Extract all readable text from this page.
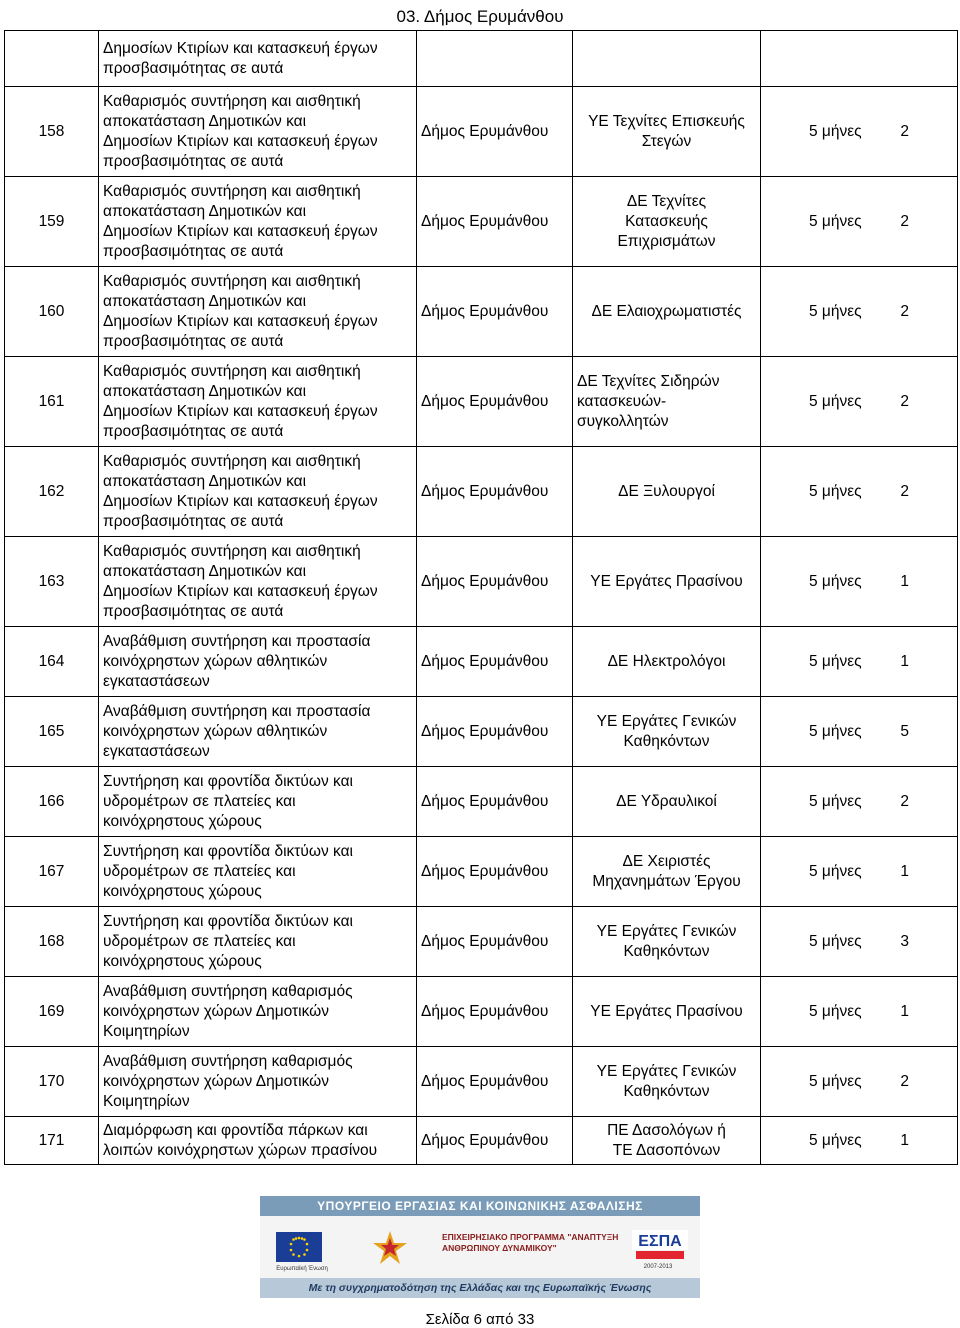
03. Δήμος Ερυμάνθου

	Δημοσίων Κτιρίων και κατασκευή έργων
προσβασιμότητας σε αυτά			

158	Καθαρισμός συντήρηση και αισθητική
αποκατάσταση Δημοτικών και
Δημοσίων Κτιρίων και κατασκευή έργων
προσβασιμότητας σε αυτά	Δήμος Ερυμάνθου	ΥΕ Τεχνίτες Επισκευής
Στεγών	5 μήνες 2
159	Καθαρισμός συντήρηση και αισθητική
αποκατάσταση Δημοτικών και
Δημοσίων Κτιρίων και κατασκευή έργων
προσβασιμότητας σε αυτά	Δήμος Ερυμάνθου	ΔΕ Τεχνίτες
Κατασκευής
Επιχρισμάτων	5 μήνες 2
160	Καθαρισμός συντήρηση και αισθητική
αποκατάσταση Δημοτικών και
Δημοσίων Κτιρίων και κατασκευή έργων
προσβασιμότητας σε αυτά	Δήμος Ερυμάνθου	ΔΕ Ελαιοχρωματιστές	5 μήνες 2
161	Καθαρισμός συντήρηση και αισθητική
αποκατάσταση Δημοτικών και
Δημοσίων Κτιρίων και κατασκευή έργων
προσβασιμότητας σε αυτά	Δήμος Ερυμάνθου	ΔΕ Τεχνίτες Σιδηρών
κατασκευών-
συγκολλητών	5 μήνες 2
162	Καθαρισμός συντήρηση και αισθητική
αποκατάσταση Δημοτικών και
Δημοσίων Κτιρίων και κατασκευή έργων
προσβασιμότητας σε αυτά	Δήμος Ερυμάνθου	ΔΕ Ξυλουργοί	5 μήνες 2
163	Καθαρισμός συντήρηση και αισθητική
αποκατάσταση Δημοτικών και
Δημοσίων Κτιρίων και κατασκευή έργων
προσβασιμότητας σε αυτά	Δήμος Ερυμάνθου	ΥΕ Εργάτες Πρασίνου	5 μήνες 1
164	Αναβάθμιση συντήρηση και προστασία
κοινόχρηστων χώρων αθλητικών
εγκαταστάσεων	Δήμος Ερυμάνθου	ΔΕ Ηλεκτρολόγοι	5 μήνες 1
165	Αναβάθμιση συντήρηση και προστασία
κοινόχρηστων χώρων αθλητικών
εγκαταστάσεων	Δήμος Ερυμάνθου	ΥΕ Εργάτες Γενικών
Καθηκόντων	5 μήνες 5
166	Συντήρηση και φροντίδα δικτύων και
υδρομέτρων σε πλατείες και
κοινόχρηστους χώρους	Δήμος Ερυμάνθου	ΔΕ Υδραυλικοί	5 μήνες 2
167	Συντήρηση και φροντίδα δικτύων και
υδρομέτρων σε πλατείες και
κοινόχρηστους χώρους	Δήμος Ερυμάνθου	ΔΕ Χειριστές
Μηχανημάτων Έργου	5 μήνες 1
168	Συντήρηση και φροντίδα δικτύων και
υδρομέτρων σε πλατείες και
κοινόχρηστους χώρους	Δήμος Ερυμάνθου	ΥΕ Εργάτες Γενικών
Καθηκόντων	5 μήνες 3
169	Αναβάθμιση συντήρηση καθαρισμός
κοινόχρηστων χώρων Δημοτικών
Κοιμητηρίων	Δήμος Ερυμάνθου	ΥΕ Εργάτες Πρασίνου	5 μήνες 1
170	Αναβάθμιση συντήρηση καθαρισμός
κοινόχρηστων χώρων Δημοτικών
Κοιμητηρίων	Δήμος Ερυμάνθου	ΥΕ Εργάτες Γενικών
Καθηκόντων	5 μήνες 2
171	Διαμόρφωση και φροντίδα πάρκων και
λοιπών κοινόχρηστων χώρων πρασίνου	Δήμος Ερυμάνθου	ΠΕ Δασολόγων ή
ΤΕ Δασοπόνων	5 μήνες 1
ΥΠΟΥΡΓΕΙΟ ΕΡΓΑΣΙΑΣ ΚΑΙ ΚΟΙΝΩΝΙΚΗΣ ΑΣΦΑΛΙΣΗΣ
Ευρωπαϊκή Ένωση
ΕΠΙΧΕΙΡΗΣΙΑΚΟ ΠΡΟΓΡΑΜΜΑ "ΑΝΑΠΤΥΞΗ ΑΝΘΡΩΠΙΝΟΥ ΔΥΝΑΜΙΚΟΥ"	ΕΣΠΑ
2007-2013
Με τη συγχρηματοδότηση της Ελλάδας και της Ευρωπαϊκής Ένωσης
Σελίδα 6 από 33
